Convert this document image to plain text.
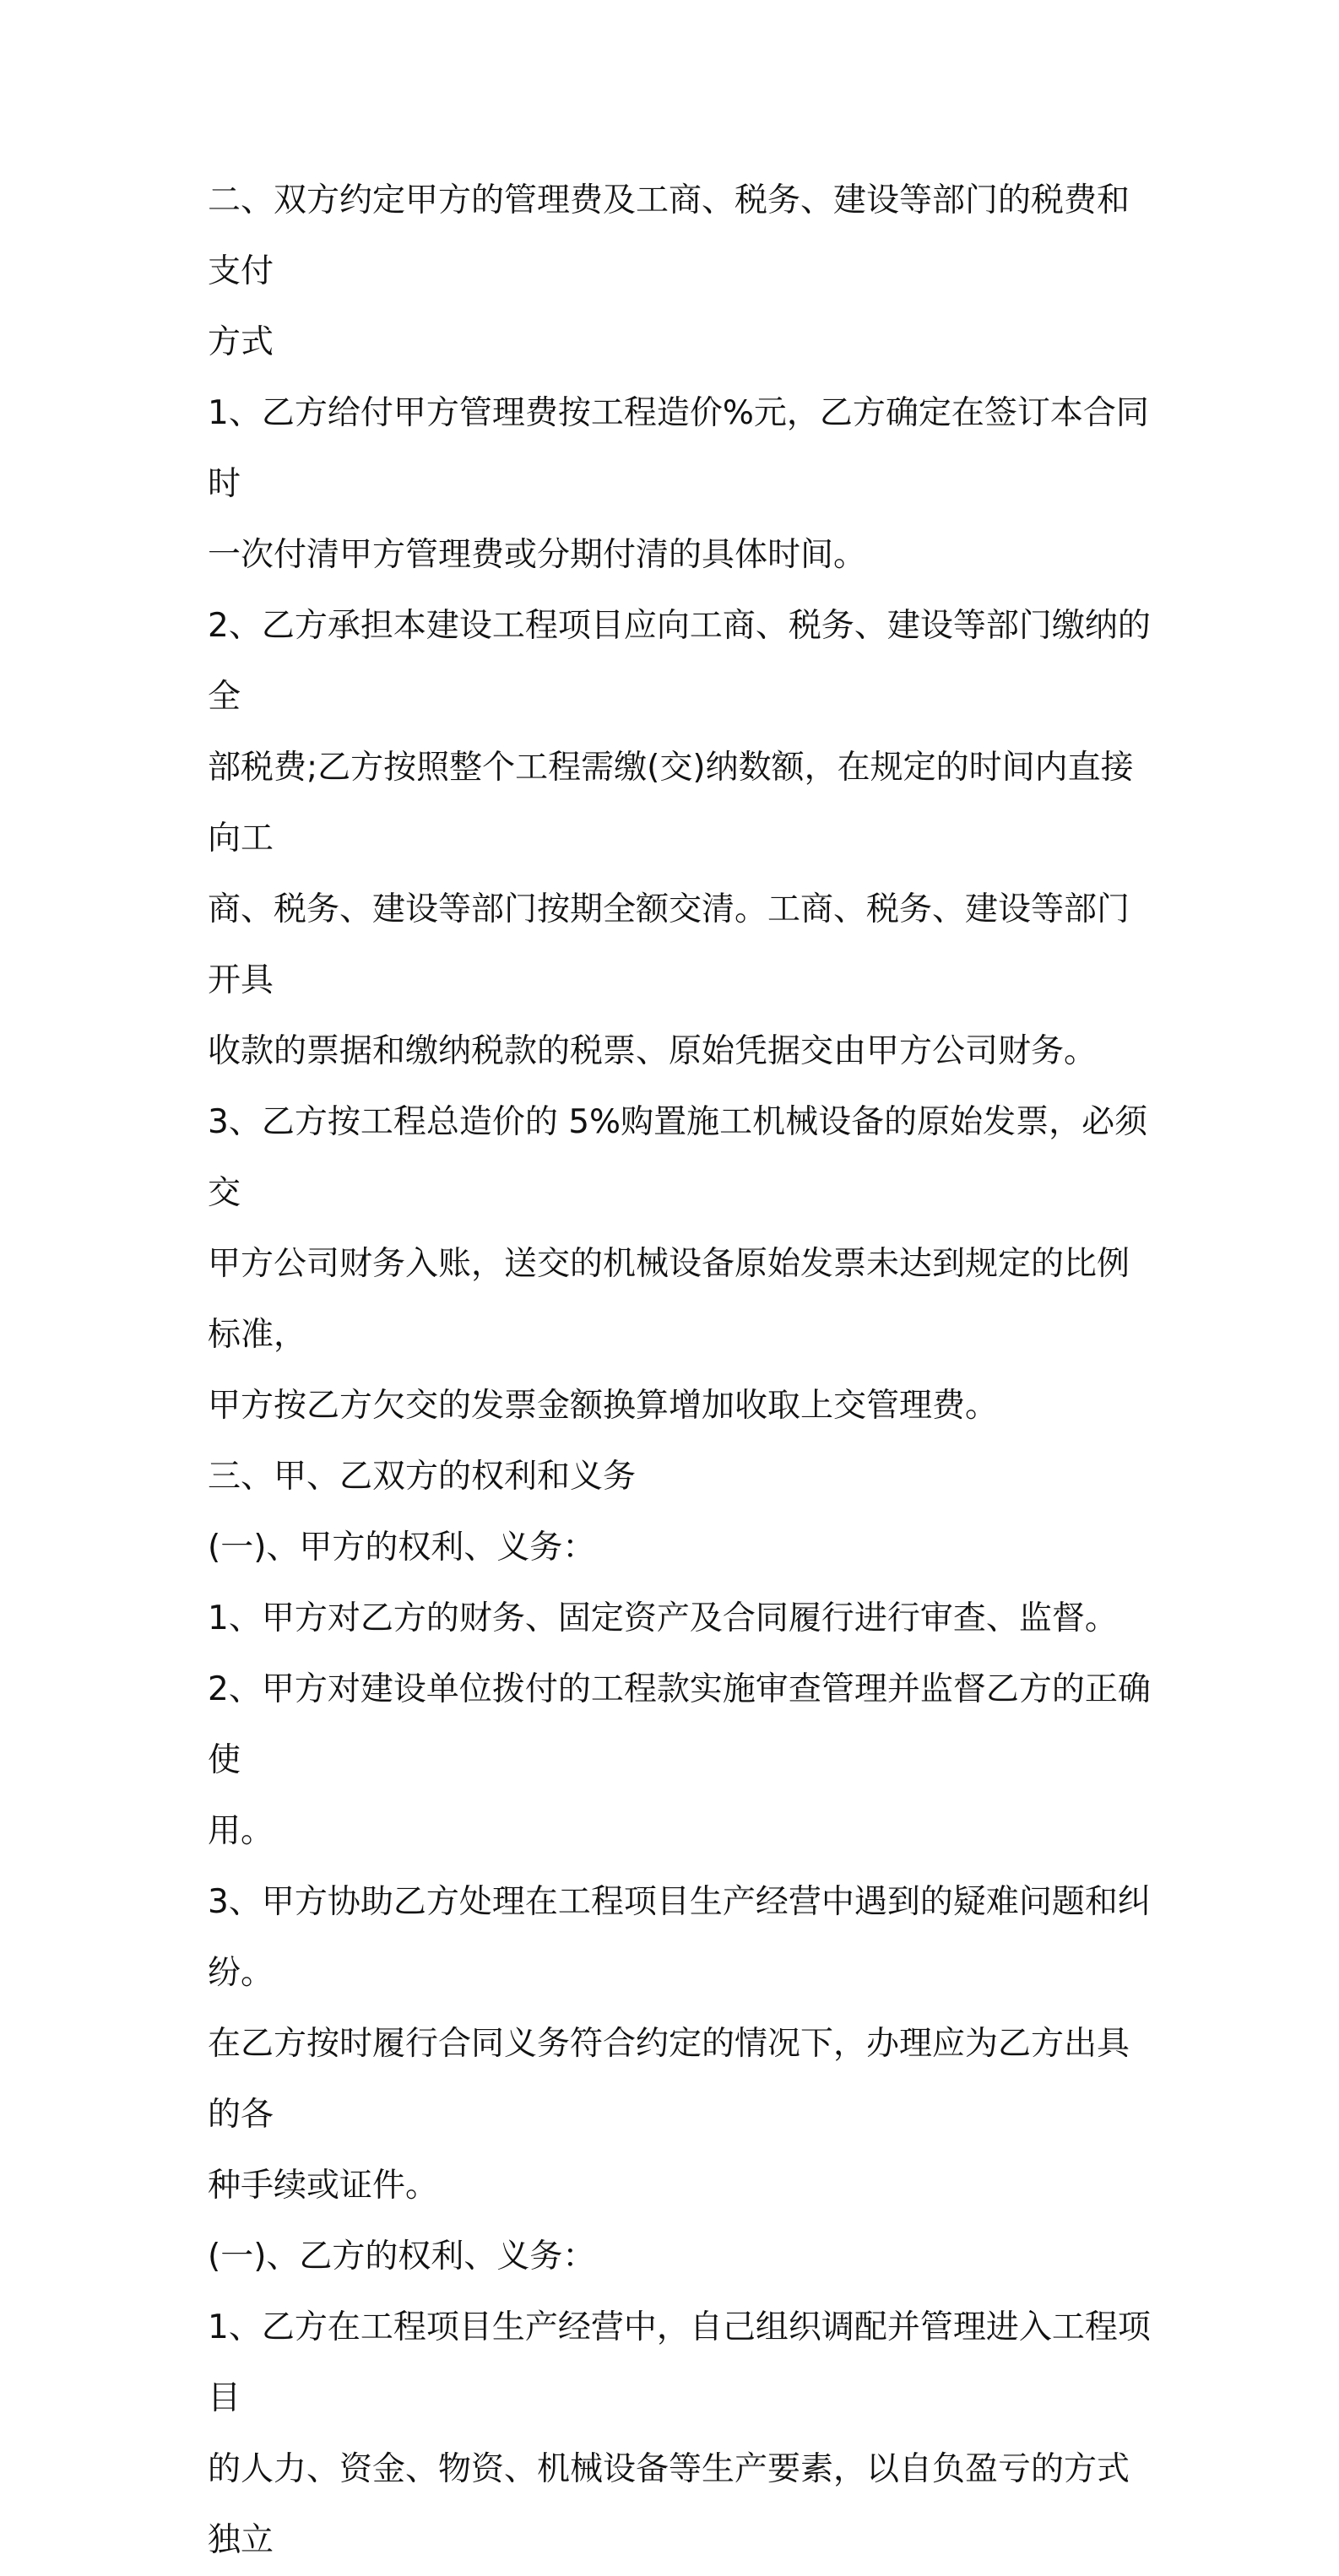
二、双方约定甲方的管理费及工商、税务、建设等部门的税费和支付
方式
1、乙方给付甲方管理费按工程造价%元，乙方确定在签订本合同时
一次付清甲方管理费或分期付清的具体时间。
2、乙方承担本建设工程项目应向工商、税务、建设等部门缴纳的全
部税费;乙方按照整个工程需缴(交)纳数额，在规定的时间内直接向工
商、税务、建设等部门按期全额交清。工商、税务、建设等部门开具
收款的票据和缴纳税款的税票、原始凭据交由甲方公司财务。
3、乙方按工程总造价的 5%购置施工机械设备的原始发票，必须交
甲方公司财务入账，送交的机械设备原始发票未达到规定的比例标准，
甲方按乙方欠交的发票金额换算增加收取上交管理费。
三、甲、乙双方的权利和义务
(一)、甲方的权利、义务：
1、甲方对乙方的财务、固定资产及合同履行进行审查、监督。
2、甲方对建设单位拨付的工程款实施审查管理并监督乙方的正确使
用。
3、甲方协助乙方处理在工程项目生产经营中遇到的疑难问题和纠纷。
在乙方按时履行合同义务符合约定的情况下，办理应为乙方出具的各
种手续或证件。
(一)、乙方的权利、义务：
1、乙方在工程项目生产经营中，自己组织调配并管理进入工程项目
的人力、资金、物资、机械设备等生产要素，以自负盈亏的方式独立
